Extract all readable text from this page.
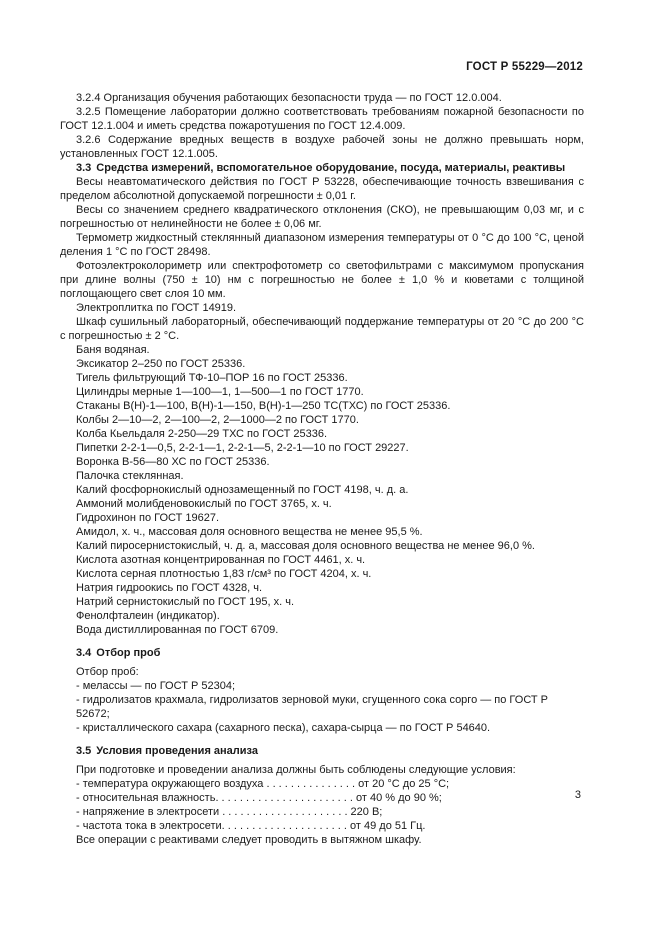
ГОСТ Р 55229—2012

3.2.4 Организация обучения работающих безопасности труда — по ГОСТ 12.0.004.

3.2.5 Помещение лаборатории должно соответствовать требованиям пожарной безопасности по ГОСТ 12.1.004 и иметь средства пожаротушения по ГОСТ 12.4.009.

3.2.6 Содержание вредных веществ в воздухе рабочей зоны не должно превышать норм, установленных ГОСТ 12.1.005.

3.3 Средства измерений, вспомогательное оборудование, посуда, материалы, реактивы

Весы неавтоматического действия по ГОСТ Р 53228, обеспечивающие точность взвешивания с пределом абсолютной допускаемой погрешности ± 0,01 г.

Весы со значением среднего квадратического отклонения (СКО), не превышающим 0,03 мг, и с погрешностью от нелинейности не более ± 0,06 мг.

Термометр жидкостный стеклянный диапазоном измерения температуры от 0 °С до 100 °С, ценой деления 1 °С по ГОСТ 28498.

Фотоэлектроколориметр или спектрофотометр со светофильтрами с максимумом пропускания при длине волны (750 ± 10) нм с погрешностью не более ± 1,0 % и кюветами с толщиной поглощающего свет слоя 10 мм.

Электроплитка по ГОСТ 14919.

Шкаф сушильный лабораторный, обеспечивающий поддержание температуры от 20 °С до 200 °С с погрешностью ± 2 °С.

Баня водяная.

Эксикатор 2–250 по ГОСТ 25336.

Тигель фильтрующий ТФ-10–ПОР 16 по ГОСТ 25336.

Цилиндры мерные 1—100—1, 1—500—1 по ГОСТ 1770.

Стаканы В(Н)-1—100, В(Н)-1—150, В(Н)-1—250 ТС(ТХС) по ГОСТ 25336.

Колбы 2—10—2, 2—100—2, 2—1000—2 по ГОСТ 1770.

Колба Кьельдаля 2-250—29 ТХС по ГОСТ 25336.

Пипетки 2-2-1—0,5, 2-2-1—1, 2-2-1—5, 2-2-1—10 по ГОСТ 29227.

Воронка В-56—80 ХС по ГОСТ 25336.

Палочка стеклянная.

Калий фосфорнокислый однозамещенный по ГОСТ 4198, ч. д. а.

Аммоний молибденовокислый по ГОСТ 3765, х. ч.

Гидрохинон по ГОСТ 19627.

Амидол, х. ч., массовая доля основного вещества не менее 95,5 %.

Калий пиросернистокислый, ч. д. а, массовая доля основного вещества не менее 96,0 %.

Кислота азотная концентрированная по ГОСТ 4461, х. ч.

Кислота серная плотностью 1,83 г/см³ по ГОСТ 4204, х. ч.

Натрия гидроокись по ГОСТ 4328, ч.

Натрий сернистокислый по ГОСТ 195, х. ч.

Фенолфталеин (индикатор).

Вода дистиллированная по ГОСТ 6709.

3.4 Отбор проб

Отбор проб:

- мелассы — по ГОСТ Р 52304;

- гидролизатов крахмала, гидролизатов зерновой муки, сгущенного сока сорго — по ГОСТ Р 52672;

- кристаллического сахара (сахарного песка), сахара-сырца — по ГОСТ Р 54640.

3.5 Условия проведения анализа

При подготовке и проведении анализа должны быть соблюдены следующие условия:

- температура окружающего воздуха . . . . . . . . . . . . . . . от 20 °С до 25 °С;

- относительная влажность. . . . . . . . . . . . . . . . . . . . . . . от 40 % до 90 %;

- напряжение в электросети . . . . . . . . . . . . . . . . . . . . . 220 В;

- частота тока в электросети. . . . . . . . . . . . . . . . . . . . . от 49 до 51 Гц.

Все операции с реактивами следует проводить в вытяжном шкафу.

3
